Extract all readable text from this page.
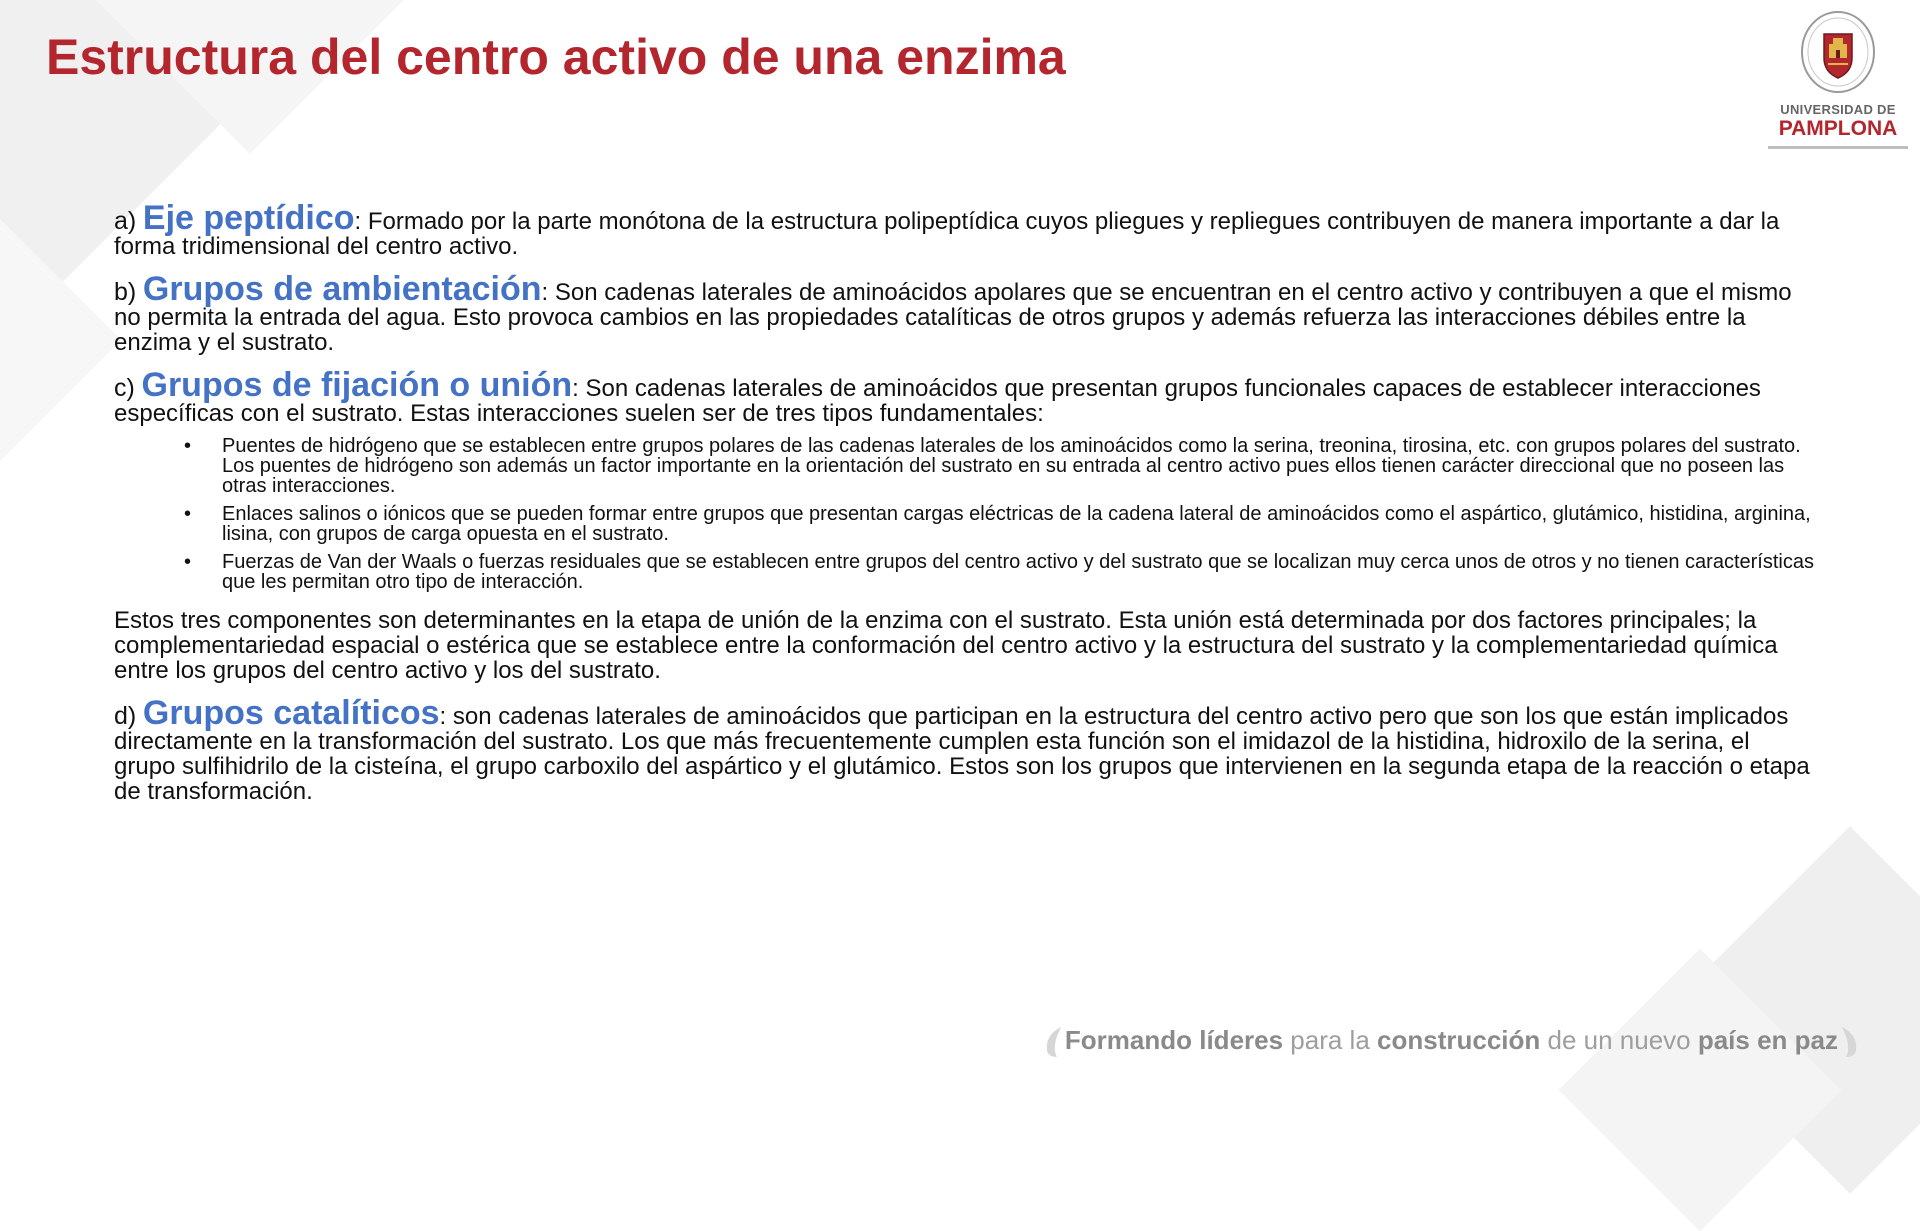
Estructura del centro activo de una enzima
UNIVERSIDAD DE
PAMPLONA

a) Eje peptídico: Formado por la parte monótona de la estructura polipeptídica cuyos pliegues y repliegues contribuyen de manera importante a dar la forma tridimensional del centro activo.

b) Grupos de ambientación: Son cadenas laterales de aminoácidos apolares que se encuentran en el centro activo y contribuyen a que el mismo no permita la entrada del agua. Esto provoca cambios en las propiedades catalíticas de otros grupos y además refuerza las interacciones débiles entre la enzima y el sustrato.

c) Grupos de fijación o unión: Son cadenas laterales de aminoácidos que presentan grupos funcionales capaces de establecer interacciones específicas con el sustrato. Estas interacciones suelen ser de tres tipos fundamentales:

• Puentes de hidrógeno que se establecen entre grupos polares de las cadenas laterales de los aminoácidos como la serina, treonina, tirosina, etc. con grupos polares del sustrato. Los puentes de hidrógeno son además un factor importante en la orientación del sustrato en su entrada al centro activo pues ellos tienen carácter direccional que no poseen las otras interacciones.
• Enlaces salinos o iónicos que se pueden formar entre grupos que presentan cargas eléctricas de la cadena lateral de aminoácidos como el aspártico, glutámico, histidina, arginina, lisina, con grupos de carga opuesta en el sustrato.
• Fuerzas de Van der Waals o fuerzas residuales que se establecen entre grupos del centro activo y del sustrato que se localizan muy cerca unos de otros y no tienen características que les permitan otro tipo de interacción.

Estos tres componentes son determinantes en la etapa de unión de la enzima con el sustrato. Esta unión está determinada por dos factores principales; la complementariedad espacial o estérica que se establece entre la conformación del centro activo y la estructura del sustrato y la complementariedad química entre los grupos del centro activo y los del sustrato.

d) Grupos catalíticos: son cadenas laterales de aminoácidos que participan en la estructura del centro activo pero que son los que están implicados directamente en la transformación del sustrato. Los que más frecuentemente cumplen esta función son el imidazol de la histidina, hidroxilo de la serina, el grupo sulfihidrilo de la cisteína, el grupo carboxilo del aspártico y el glutámico. Estos son los grupos que intervienen en la segunda etapa de la reacción o etapa de transformación.

Formando líderes para la construcción de un nuevo país en paz
